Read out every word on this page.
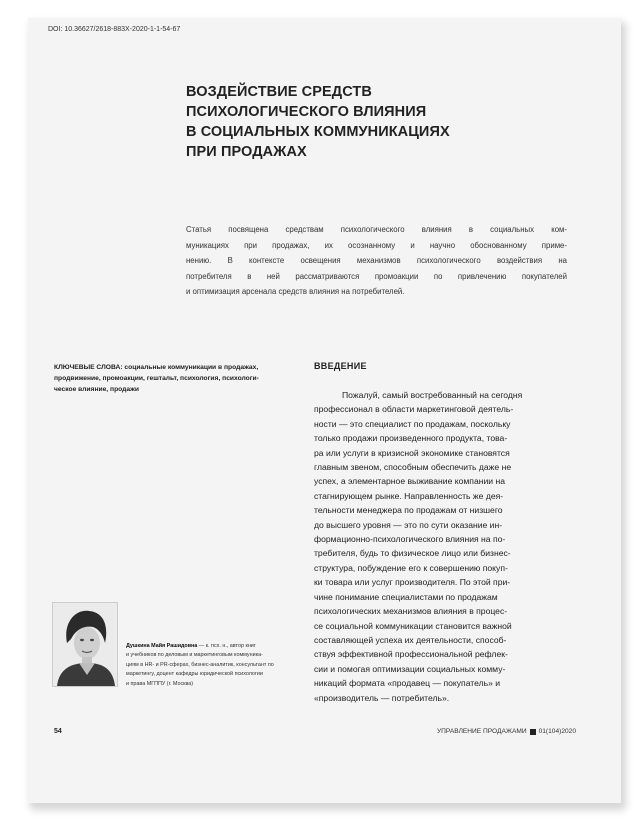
DOI: 10.36627/2618-883X-2020-1-1-54-67
ВОЗДЕЙСТВИЕ СРЕДСТВ
ПСИХОЛОГИЧЕСКОГО ВЛИЯНИЯ
В СОЦИАЛЬНЫХ КОММУНИКАЦИЯХ
ПРИ ПРОДАЖАХ
Статья посвящена средствам психологического влияния в социальных ком-
муникациях при продажах, их осознанному и научно обоснованному приме-
нению. В контексте освещения механизмов психологического воздействия на
потребителя в ней рассматриваются промоакции по привлечению покупателей
и оптимизация арсенала средств влияния на потребителей.
КЛЮЧЕВЫЕ СЛОВА: социальные коммуникации в продажах,
продвижение, промоакции, гештальт, психология, психологи-
ческое влияние, продажи
ВВЕДЕНИЕ
Пожалуй, самый востребованный на сегодня
профессионал в области маркетинговой деятель-
ности — это специалист по продажам, поскольку
только продажи произведенного продукта, това-
ра или услуги в кризисной экономике становятся
главным звеном, способным обеспечить даже не
успех, а элементарное выживание компании на
стагнирующем рынке. Направленность же дея-
тельности менеджера по продажам от низшего
до высшего уровня — это по сути оказание ин-
формационно-психологического влияния на по-
требителя, будь то физическое лицо или бизнес-
структура, побуждение его к совершению покуп-
ки товара или услуг производителя. По этой при-
чине понимание специалистами по продажам
психологических механизмов влияния в процес-
се социальной коммуникации становится важной
составляющей успеха их деятельности, способ-
ствуя эффективной профессиональной рефлек-
сии и помогая оптимизации социальных комму-
никаций формата «продавец — покупатель» и
«производитель — потребитель».
Душкина Майя Рашидовна — к. псх. н., автор книг
и учебников по деловым и маркетинговым коммуника-
циям в HR- и PR-сферах, бизнес-аналитик, консультант по
маркетингу, доцент кафедры юридической психологии
и права МГППУ (г. Москва)
54	УПРАВЛЕНИЕ ПРОДАЖАМИ 01(104)2020
